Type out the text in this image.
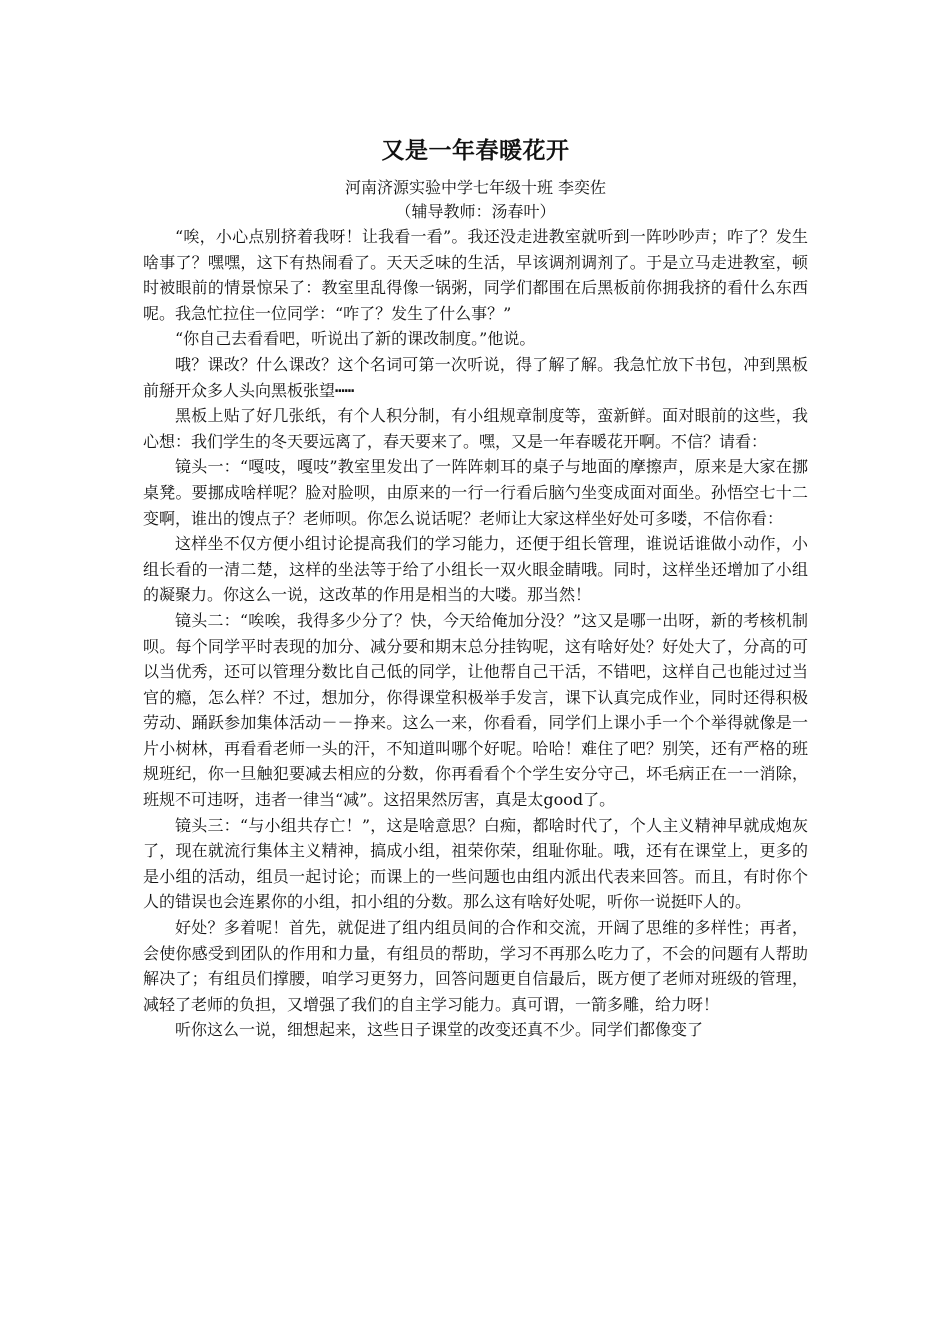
又是一年春暖花开

河南济源实验中学七年级十班 李奕佐

（辅导教师：汤春叶）

“唉，小心点别挤着我呀！让我看一看”。我还没走进教室就听到一阵吵吵声；咋了？发生啥事了？嘿嘿，这下有热闹看了。天天乏味的生活，早该调剂调剂了。于是立马走进教室，顿时被眼前的情景惊呆了：教室里乱得像一锅粥，同学们都围在后黑板前你拥我挤的看什么东西呢。我急忙拉住一位同学：“咋了？发生了什么事？”

“你自己去看看吧，听说出了新的课改制度。”他说。

哦？课改？什么课改？这个名词可第一次听说，得了解了解。我急忙放下书包，冲到黑板前掰开众多人头向黑板张望┅┅

黑板上贴了好几张纸，有个人积分制，有小组规章制度等，蛮新鲜。面对眼前的这些，我心想：我们学生的冬天要远离了，春天要来了。嘿，又是一年春暖花开啊。不信？请看：

镜头一：“嘎吱，嘎吱”教室里发出了一阵阵刺耳的桌子与地面的摩擦声，原来是大家在挪桌凳。要挪成啥样呢？脸对脸呗，由原来的一行一行看后脑勺坐变成面对面坐。孙悟空七十二变啊，谁出的馊点子？老师呗。你怎么说话呢？老师让大家这样坐好处可多喽，不信你看：

这样坐不仅方便小组讨论提高我们的学习能力，还便于组长管理，谁说话谁做小动作，小组长看的一清二楚，这样的坐法等于给了小组长一双火眼金睛哦。同时，这样坐还增加了小组的凝聚力。你这么一说，这改革的作用是相当的大喽。那当然！

镜头二：“唉唉，我得多少分了？快，今天给俺加分没？”这又是哪一出呀，新的考核机制呗。每个同学平时表现的加分、减分要和期末总分挂钩呢，这有啥好处？好处大了，分高的可以当优秀，还可以管理分数比自己低的同学，让他帮自己干活，不错吧，这样自己也能过过当官的瘾，怎么样？不过，想加分，你得课堂积极举手发言，课下认真完成作业，同时还得积极劳动、踊跃参加集体活动－－挣来。这么一来，你看看，同学们上课小手一个个举得就像是一片小树林，再看看老师一头的汗，不知道叫哪个好呢。哈哈！难住了吧？别笑，还有严格的班规班纪，你一旦触犯要减去相应的分数，你再看看个个学生安分守己，坏毛病正在一一消除，班规不可违呀，违者一律当“减”。这招果然厉害，真是太good了。

镜头三：“与小组共存亡！”，这是啥意思？白痴，都啥时代了，个人主义精神早就成炮灰了，现在就流行集体主义精神，搞成小组，祖荣你荣，组耻你耻。哦，还有在课堂上，更多的是小组的活动，组员一起讨论；而课上的一些问题也由组内派出代表来回答。而且，有时你个人的错误也会连累你的小组，扣小组的分数。那么这有啥好处呢，听你一说挺吓人的。

好处？多着呢！首先，就促进了组内组员间的合作和交流，开阔了思维的多样性；再者，会使你感受到团队的作用和力量，有组员的帮助，学习不再那么吃力了，不会的问题有人帮助解决了；有组员们撑腰，咱学习更努力，回答问题更自信最后，既方便了老师对班级的管理，减轻了老师的负担，又增强了我们的自主学习能力。真可谓，一箭多雕，给力呀！

听你这么一说，细想起来，这些日子课堂的改变还真不少。同学们都像变了
